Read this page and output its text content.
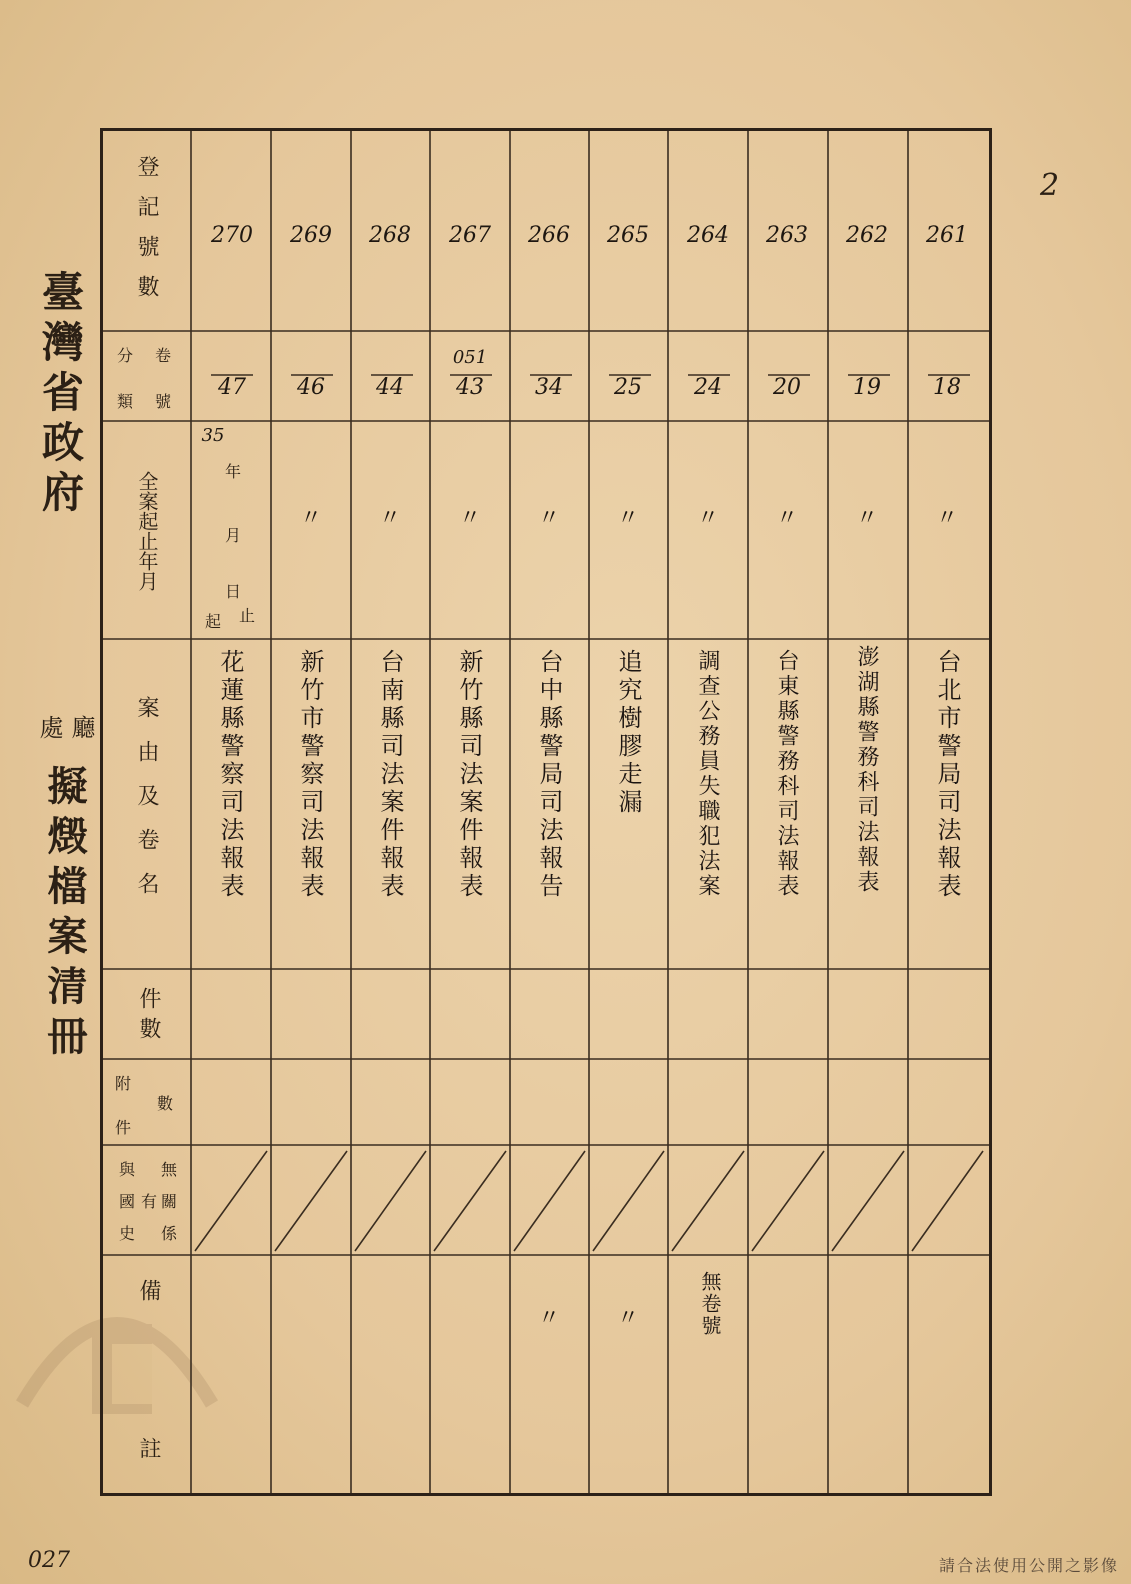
臺灣省政府
廳
處
擬燬檔案清冊
登記號數
分
類
卷
號
全案起止年月
案由及卷名
件數
附
件
數
無
關
係
有
與
國
史
備
註
270
47
35
年
月
日
起 止
花蓮縣警察司法報表
269
46
〃
新竹市警察司法報表
268
44
〃
台南縣司法案件報表
267
051
43
〃
新竹縣司法案件報表
266
34
〃
台中縣警局司法報告
〃
265
25
〃
追究樹膠走漏
〃
264
24
〃
調查公務員失職犯法案
無卷號
263
20
〃
台東縣警務科司法報表
262
19
〃
澎湖縣警務科司法報表
261
18
〃
台北市警局司法報表
2
027	請合法使用公開之影像
